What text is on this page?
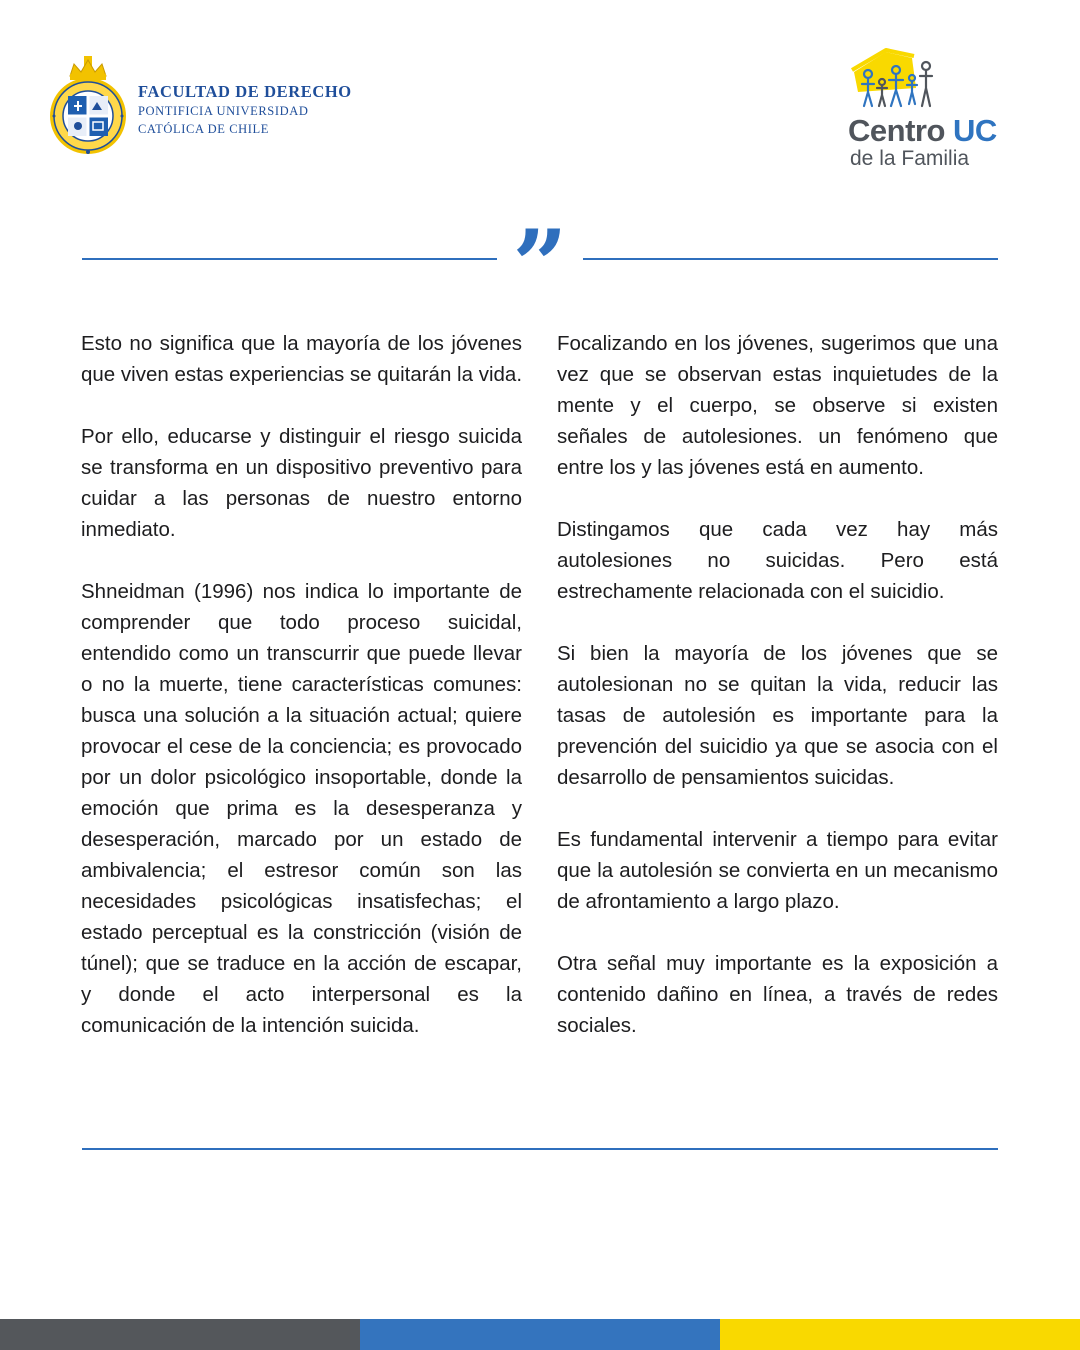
FACULTAD DE DERECHO
PONTIFICIA UNIVERSIDAD
CATÓLICA DE CHILE	Centro UC
de la Familia
”

Esto no significa que la mayoría de los jóvenes que viven estas experiencias se quitarán la vida.

Por ello, educarse y distinguir el riesgo suicida se transforma en un dispositivo preventivo para cuidar a las personas de nuestro entorno inmediato.

Shneidman (1996) nos indica lo importante de comprender que todo proceso suicidal, entendido como un transcurrir que puede llevar o no la muerte, tiene características comunes: busca una solución a la situación actual; quiere provocar el cese de la conciencia; es provocado por un dolor psicológico insoportable, donde la emoción que prima es la desesperanza y desesperación, marcado por un estado de ambivalencia; el estresor común son las necesidades psicológicas insatisfechas; el estado perceptual es la constricción (visión de túnel); que se traduce en la acción de escapar, y donde el acto interpersonal es la comunicación de la intención suicida.

Focalizando en los jóvenes, sugerimos que una vez que se observan estas inquietudes de la mente y el cuerpo, se observe si existen señales de autolesiones. un fenómeno que entre los y las jóvenes está en aumento.

Distingamos que cada vez hay más autolesiones no suicidas. Pero está estrechamente relacionada con el suicidio.

Si bien la mayoría de los jóvenes que se autolesionan no se quitan la vida, reducir las tasas de autolesión es importante para la prevención del suicidio ya que se asocia con el desarrollo de pensamientos suicidas.

Es fundamental intervenir a tiempo para evitar que la autolesión se convierta en un mecanismo de afrontamiento a largo plazo.

Otra señal muy importante es la exposición a contenido dañino en línea, a través de redes sociales.
